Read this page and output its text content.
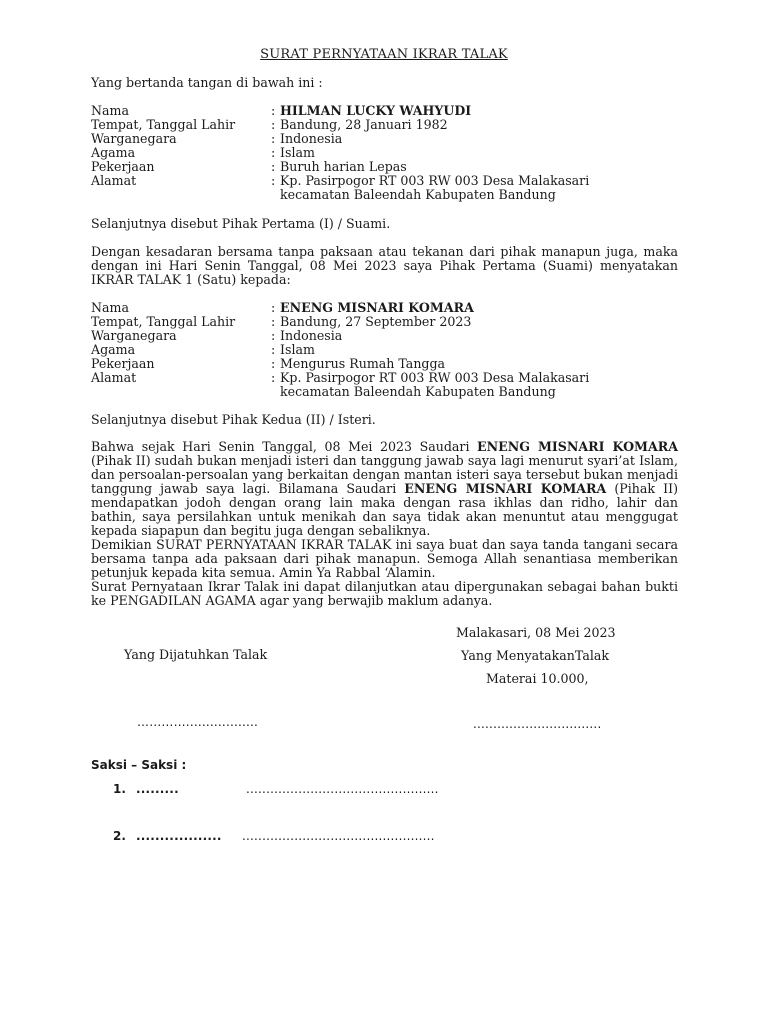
SURAT PERNYATAAN IKRAR TALAK
Yang bertanda tangan di bawah ini :
Nama	: HILMAN LUCKY WAHYUDI
Tempat, Tanggal Lahir	: Bandung, 28 Januari 1982
Warganegara	: Indonesia
Agama	: Islam
Pekerjaan	: Buruh harian Lepas
Alamat	: Kp. Pasirpogor RT 003 RW 003 Desa Malakasari
kecamatan Baleendah Kabupaten Bandung
Selanjutnya disebut Pihak Pertama (I) / Suami.
Dengan kesadaran bersama tanpa paksaan atau tekanan dari pihak manapun juga, maka dengan ini Hari Senin Tanggal, 08 Mei 2023 saya Pihak Pertama (Suami) menyatakan IKRAR TALAK 1 (Satu) kepada:
Nama	: ENENG MISNARI KOMARA
Tempat, Tanggal Lahir	: Bandung, 27 September 2023
Warganegara	: Indonesia
Agama	: Islam
Pekerjaan	: Mengurus Rumah Tangga
Alamat	: Kp. Pasirpogor RT 003 RW 003 Desa Malakasari
kecamatan Baleendah Kabupaten Bandung
Selanjutnya disebut Pihak Kedua (II) / Isteri.

Bahwa sejak Hari Senin Tanggal, 08 Mei 2023 Saudari ENENG MISNARI KOMARA (Pihak II) sudah bukan menjadi isteri dan tanggung jawab saya lagi menurut syari’at Islam, dan persoalan-persoalan yang berkaitan dengan mantan isteri saya tersebut bukan menjadi tanggung jawab saya lagi. Bilamana Saudari ENENG MISNARI KOMARA (Pihak II) mendapatkan jodoh dengan orang lain maka dengan rasa ikhlas dan ridho, lahir dan bathin, saya persilahkan untuk menikah dan saya tidak akan menuntut atau menggugat kepada siapapun dan begitu juga dengan sebaliknya.

Demikian SURAT PERNYATAAN IKRAR TALAK ini saya buat dan saya tanda tangani secara bersama tanpa ada paksaan dari pihak manapun. Semoga Allah senantiasa memberikan petunjuk kepada kita semua. Amin Ya Rabbal ‘Alamin.

Surat Pernyataan Ikrar Talak ini dapat dilanjutkan atau dipergunakan sebagai bahan bukti ke PENGADILAN AGAMA agar yang berwajib maklum adanya.

Malakasari, 08 Mei 2023
Yang Dijatuhkan Talak	Yang MenyatakanTalak
Materai 10.000,
…………..................	................................
Saksi – Saksi :
1. .........	................................................
2. .................. ................................................
